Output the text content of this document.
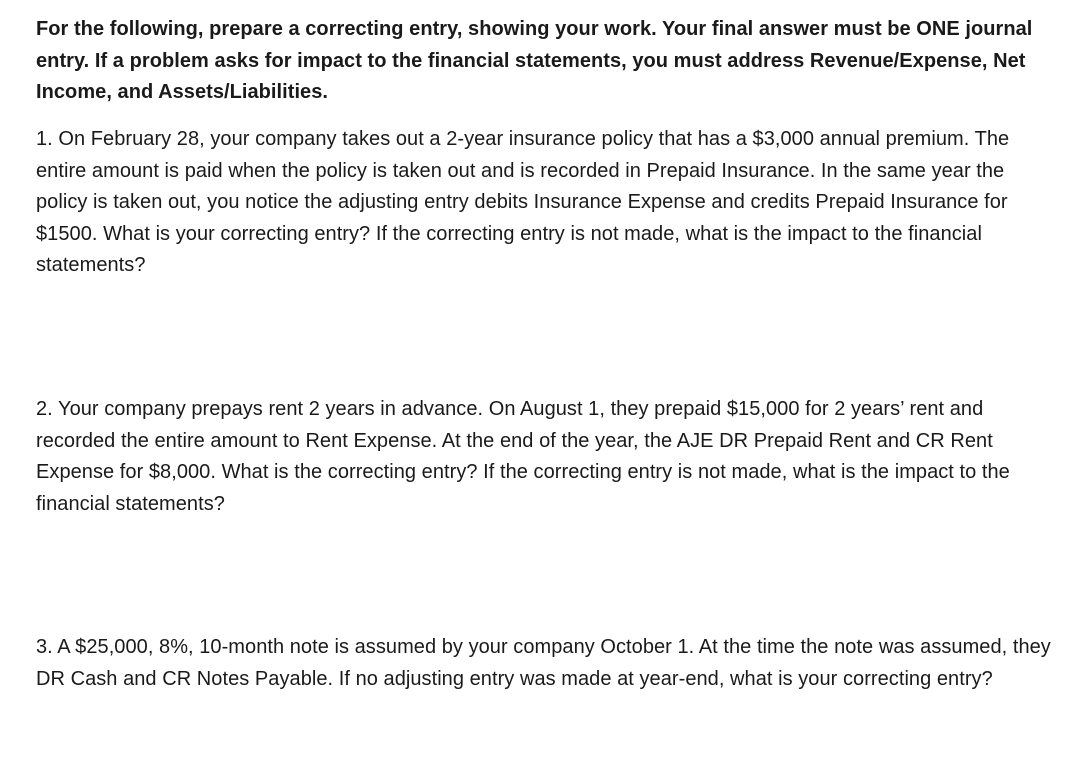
For the following, prepare a correcting entry, showing your work. Your final answer must be ONE journal entry. If a problem asks for impact to the financial statements, you must address Revenue/Expense, Net Income, and Assets/Liabilities.

1. On February 28, your company takes out a 2-year insurance policy that has a $3,000 annual premium. The entire amount is paid when the policy is taken out and is recorded in Prepaid Insurance. In the same year the policy is taken out, you notice the adjusting entry debits Insurance Expense and credits Prepaid Insurance for $1500. What is your correcting entry? If the correcting entry is not made, what is the impact to the financial statements?

2. Your company prepays rent 2 years in advance. On August 1, they prepaid $15,000 for 2 years’ rent and recorded the entire amount to Rent Expense. At the end of the year, the AJE DR Prepaid Rent and CR Rent Expense for $8,000. What is the correcting entry? If the correcting entry is not made, what is the impact to the financial statements?

3. A $25,000, 8%, 10-month note is assumed by your company October 1. At the time the note was assumed, they DR Cash and CR Notes Payable. If no adjusting entry was made at year-end, what is your correcting entry?
